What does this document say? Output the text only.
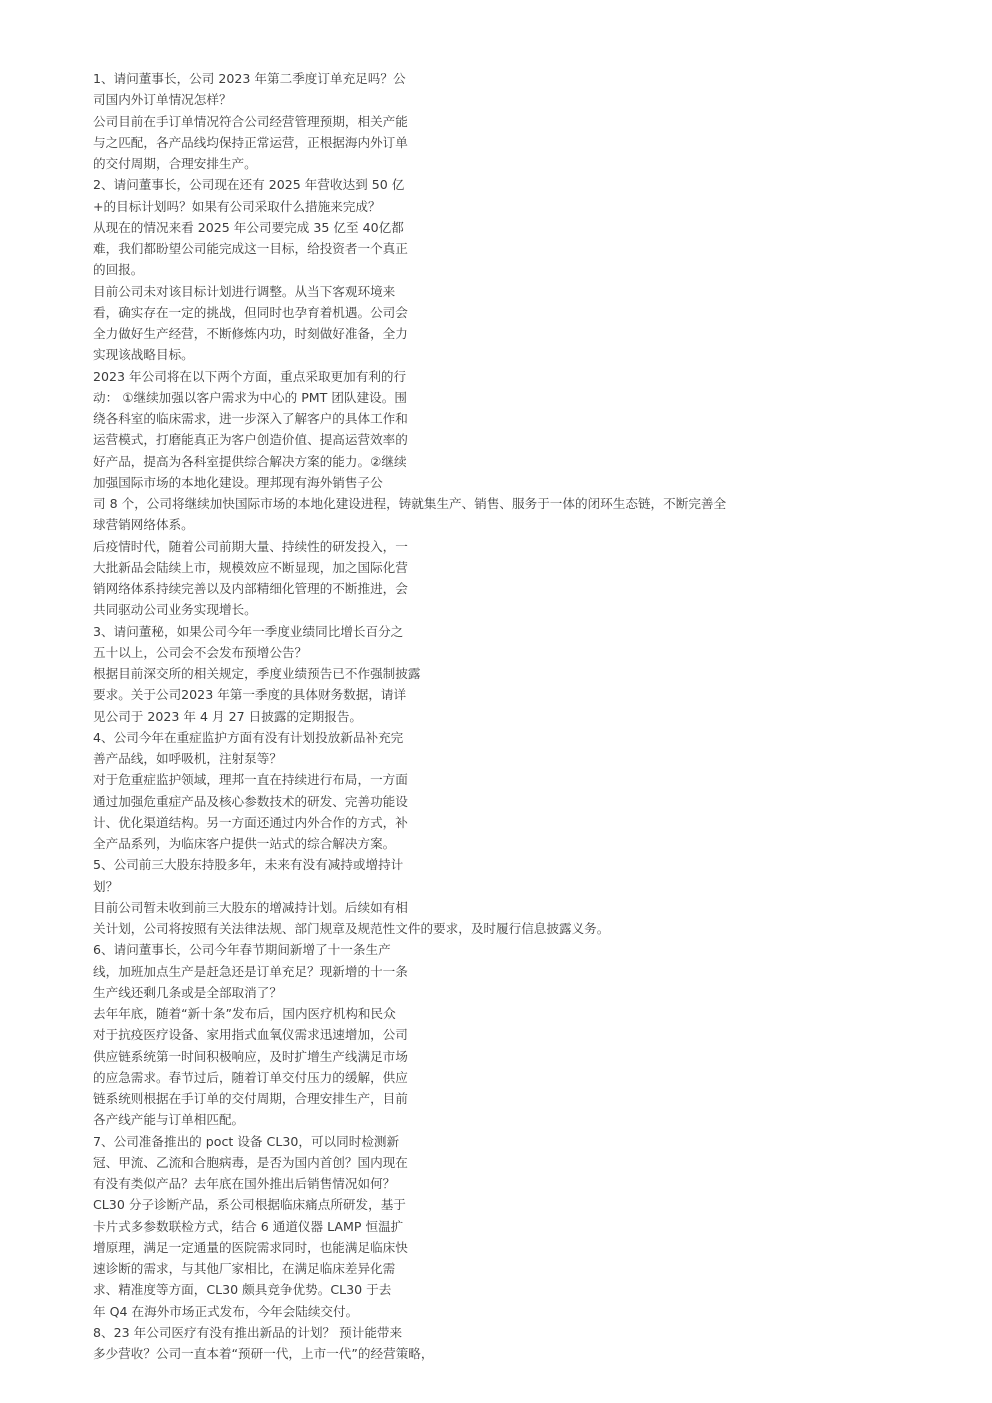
1、请问董事长，公司 2023 年第二季度订单充足吗？公
司国内外订单情况怎样？
公司目前在手订单情况符合公司经营管理预期，相关产能
与之匹配，各产品线均保持正常运营，正根据海内外订单
的交付周期，合理安排生产。
2、请问董事长，公司现在还有 2025 年营收达到 50 亿
+的目标计划吗？如果有公司采取什么措施来完成？
从现在的情况来看 2025 年公司要完成 35 亿至 40亿都
难，我们都盼望公司能完成这一目标，给投资者一个真正
的回报。
目前公司未对该目标计划进行调整。从当下客观环境来
看，确实存在一定的挑战，但同时也孕育着机遇。公司会
全力做好生产经营，不断修炼内功，时刻做好准备，全力
实现该战略目标。
2023 年公司将在以下两个方面，重点采取更加有利的行
动： ①继续加强以客户需求为中心的 PMT 团队建设。围
绕各科室的临床需求，进一步深入了解客户的具体工作和
运营模式，打磨能真正为客户创造价值、提高运营效率的
好产品，提高为各科室提供综合解决方案的能力。②继续
加强国际市场的本地化建设。理邦现有海外销售子公
司 8 个，公司将继续加快国际市场的本地化建设进程，铸就集生产、销售、服务于一体的闭环生态链，不断完善全
球营销网络体系。
后疫情时代，随着公司前期大量、持续性的研发投入，一
大批新品会陆续上市，规模效应不断显现，加之国际化营
销网络体系持续完善以及内部精细化管理的不断推进，会
共同驱动公司业务实现增长。
3、请问董秘，如果公司今年一季度业绩同比增长百分之
五十以上，公司会不会发布预增公告？
根据目前深交所的相关规定，季度业绩预告已不作强制披露
要求。关于公司2023 年第一季度的具体财务数据，请详
见公司于 2023 年 4 月 27 日披露的定期报告。
4、公司今年在重症监护方面有没有计划投放新品补充完
善产品线，如呼吸机，注射泵等？
对于危重症监护领域，理邦一直在持续进行布局，一方面
通过加强危重症产品及核心参数技术的研发、完善功能设
计、优化渠道结构。另一方面还通过内外合作的方式，补
全产品系列，为临床客户提供一站式的综合解决方案。
5、公司前三大股东持股多年，未来有没有减持或增持计
划？
目前公司暂未收到前三大股东的增减持计划。后续如有相
关计划，公司将按照有关法律法规、部门规章及规范性文件的要求，及时履行信息披露义务。
6、请问董事长，公司今年春节期间新增了十一条生产
线，加班加点生产是赶急还是订单充足？现新增的十一条
生产线还剩几条或是全部取消了？
去年年底，随着“新十条”发布后，国内医疗机构和民众
对于抗疫医疗设备、家用指式血氧仪需求迅速增加，公司
供应链系统第一时间积极响应，及时扩增生产线满足市场
的应急需求。春节过后，随着订单交付压力的缓解，供应
链系统则根据在手订单的交付周期，合理安排生产，目前
各产线产能与订单相匹配。
7、公司准备推出的 poct 设备 CL30，可以同时检测新
冠、甲流、乙流和合胞病毒，是否为国内首创？国内现在
有没有类似产品？去年底在国外推出后销售情况如何？
CL30 分子诊断产品，系公司根据临床痛点所研发，基于
卡片式多参数联检方式，结合 6 通道仪器 LAMP 恒温扩
增原理，满足一定通量的医院需求同时，也能满足临床快
速诊断的需求，与其他厂家相比，在满足临床差异化需
求、精准度等方面，CL30 颇具竞争优势。CL30 于去
年 Q4 在海外市场正式发布，今年会陆续交付。
8、23 年公司医疗有没有推出新品的计划？ 预计能带来
多少营收？公司一直本着“预研一代，上市一代”的经营策略，
